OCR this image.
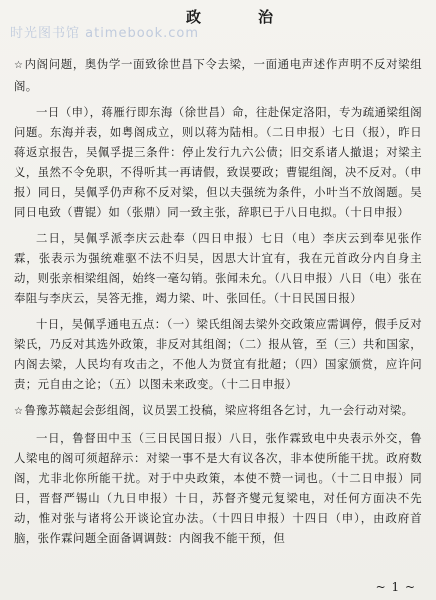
政	治
时光图书馆 atimebook.com

☆内阁问题，奥伪学一面致徐世昌下令去梁，一面通电声述作声明不反对梁组阁。

一日（申），蒋雁行即东海（徐世昌）命，往赴保定洛阳，专为疏通梁组阁问题。东海并表，如粤阁成立，则以蒋为陆相。（二日申报）七日（报），昨日蒋返京报告，吴佩孚提三条件：停止发行九六公债；旧交系诸人撤退；对梁主义，虽然不令免职，不得听其一再请假，致误要政；曹锟组阁，决不反对。（申报）同日，吴佩孚仍声称不反对梁，但以夫强统为条件，小叶当不放阁题。吴同日电致（曹锟）如（张鼎）同一致主张，辞职已于八日电拟。（十日申报）

二日，吴佩孚派李庆云赴奉（四日申报）七日（电）李庆云到奉见张作霖，张表示为强统难驱不法不归吴，因思大计宜有，我在元首政分内自身主动，则张亲相梁组阁，始终一毫勾销。张闻未允。（八日申报）八日（电）张在奉阻与李庆云，吴答无推，竭力梁、叶、张回任。（十日民国日报）

十日，吴佩孚通电五点：（一）梁氏组阁去梁外交政策应需调停，假手反对梁氏，乃反对其选外政策，非反对其组阁；（二）报从管，至（三）共和国家，内阁去梁，人民均有攻击之，不他人为贤宜有批超；（四）国家颁赏，应许问责；元自由之论；（五）以图未来政变。（十二日申报）

☆鲁豫苏赣起会彭组阁，议员罢工投稿，梁应将组各乞讨，九一会行动对梁。

一日，鲁督田中玉（三日民国日报）八日，张作霖致电中央表示外交，鲁人梁电的阁可须超辞示：对梁一事不是大有议各次，非本使所能干扰。政府数阁，尤非北你所能干扰。对于中央政策，本使不赞一词也。（十二日申报）同日，晋督严锡山（九日申报）十日，苏督齐燮元复梁电，对任何方面决不先动，惟对张与诸将公开谈论宜办法。（十四日申报）十四日（申），由政府首脑，张作霖问题全面备调调鼓：内阁我不能干预，但

~ 1 ~
